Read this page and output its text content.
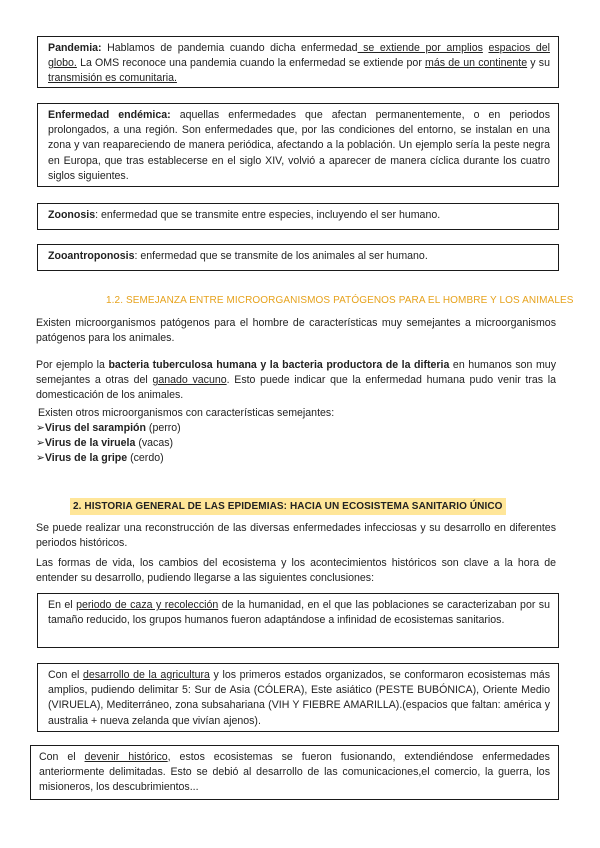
Pandemia: Hablamos de pandemia cuando dicha enfermedad se extiende por amplios espacios del globo. La OMS reconoce una pandemia cuando la enfermedad se extiende por más de un continente y su transmisión es comunitaria.
Enfermedad endémica: aquellas enfermedades que afectan permanentemente, o en periodos prolongados, a una región. Son enfermedades que, por las condiciones del entorno, se instalan en una zona y van reapareciendo de manera periódica, afectando a la población. Un ejemplo sería la peste negra en Europa, que tras establecerse en el siglo XIV, volvió a aparecer de manera cíclica durante los cuatro siglos siguientes.
Zoonosis: enfermedad que se transmite entre especies, incluyendo el ser humano.
Zooantroponosis: enfermedad que se transmite de los animales al ser humano.
1.2. SEMEJANZA ENTRE MICROORGANISMOS PATÓGENOS PARA EL HOMBRE Y LOS ANIMALES
Existen microorganismos patógenos para el hombre de características muy semejantes a microorganismos patógenos para los animales.
Por ejemplo la bacteria tuberculosa humana y la bacteria productora de la difteria en humanos son muy semejantes a otras del ganado vacuno. Esto puede indicar que la enfermedad humana pudo venir tras la domesticación de los animales.
Existen otros microorganismos con características semejantes:
➢Virus del sarampión (perro)
➢Virus de la viruela (vacas)
➢Virus de la gripe (cerdo)
2. HISTORIA GENERAL DE LAS EPIDEMIAS: HACIA UN ECOSISTEMA SANITARIO ÚNICO
Se puede realizar una reconstrucción de las diversas enfermedades infecciosas y su desarrollo en diferentes periodos históricos.
Las formas de vida, los cambios del ecosistema y los acontecimientos históricos son clave a la hora de entender su desarrollo, pudiendo llegarse a las siguientes conclusiones:
En el periodo de caza y recolección de la humanidad, en el que las poblaciones se caracterizaban por su tamaño reducido, los grupos humanos fueron adaptándose a infinidad de ecosistemas sanitarios.
Con el desarrollo de la agricultura y los primeros estados organizados, se conformaron ecosistemas más amplios, pudiendo delimitar 5: Sur de Asia (CÓLERA), Este asiático (PESTE BUBÓNICA), Oriente Medio (VIRUELA), Mediterráneo, zona subsahariana (VIH Y FIEBRE AMARILLA).(espacios que faltan: américa y australia + nueva zelanda que vivían ajenos).
Con el devenir histórico, estos ecosistemas se fueron fusionando, extendiéndose enfermedades anteriormente delimitadas. Esto se debió al desarrollo de las comunicaciones,el comercio, la guerra, los misioneros, los descubrimientos...
